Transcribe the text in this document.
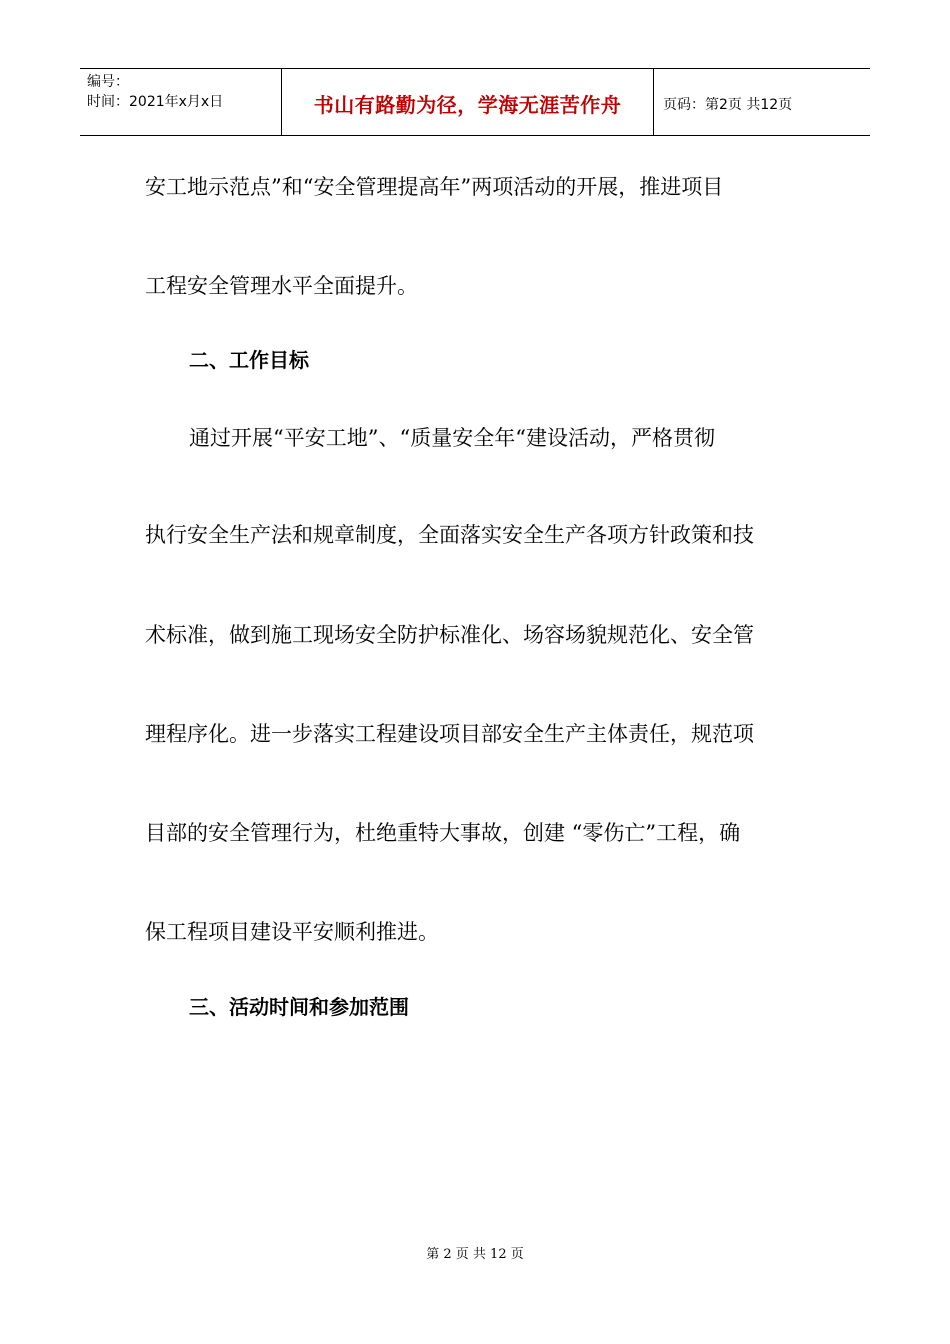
编号：
时间：2021年x月x日	书山有路勤为径，学海无涯苦作舟	页码：第2页 共12页
安工地示范点”和“安全管理提高年”两项活动的开展，推进项目
工程安全管理水平全面提升。
二、工作目标
通过开展“平安工地”、“质量安全年“建设活动，严格贯彻
执行安全生产法和规章制度，全面落实安全生产各项方针政策和技
术标准，做到施工现场安全防护标准化、场容场貌规范化、安全管
理程序化。进一步落实工程建设项目部安全生产主体责任，规范项
目部的安全管理行为，杜绝重特大事故，创建 “零伤亡”工程，确
保工程项目建设平安顺利推进。
三、活动时间和参加范围
第 2 页 共 12 页
